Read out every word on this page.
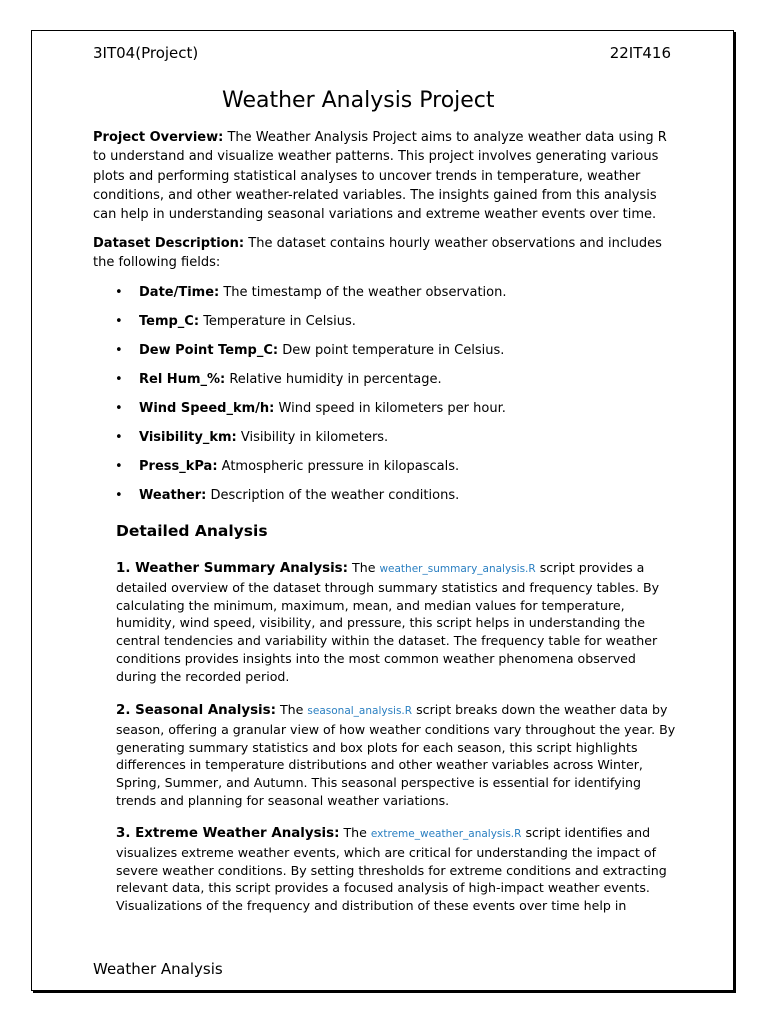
3IT04(Project)	22IT416
Weather Analysis Project

Project Overview: The Weather Analysis Project aims to analyze weather data using R to understand and visualize weather patterns. This project involves generating various plots and performing statistical analyses to uncover trends in temperature, weather conditions, and other weather-related variables. The insights gained from this analysis can help in understanding seasonal variations and extreme weather events over time.

Dataset Description: The dataset contains hourly weather observations and includes the following fields:

• Date/Time: The timestamp of the weather observation.
• Temp_C: Temperature in Celsius.
• Dew Point Temp_C: Dew point temperature in Celsius.
• Rel Hum_%: Relative humidity in percentage.
• Wind Speed_km/h: Wind speed in kilometers per hour.
• Visibility_km: Visibility in kilometers.
• Press_kPa: Atmospheric pressure in kilopascals.
• Weather: Description of the weather conditions.
Detailed Analysis

1. Weather Summary Analysis: The weather_summary_analysis.R script provides a detailed overview of the dataset through summary statistics and frequency tables. By calculating the minimum, maximum, mean, and median values for temperature, humidity, wind speed, visibility, and pressure, this script helps in understanding the central tendencies and variability within the dataset. The frequency table for weather conditions provides insights into the most common weather phenomena observed during the recorded period.

2. Seasonal Analysis: The seasonal_analysis.R script breaks down the weather data by season, offering a granular view of how weather conditions vary throughout the year. By generating summary statistics and box plots for each season, this script highlights differences in temperature distributions and other weather variables across Winter, Spring, Summer, and Autumn. This seasonal perspective is essential for identifying trends and planning for seasonal weather variations.

3. Extreme Weather Analysis: The extreme_weather_analysis.R script identifies and visualizes extreme weather events, which are critical for understanding the impact of severe weather conditions. By setting thresholds for extreme conditions and extracting relevant data, this script provides a focused analysis of high-impact weather events. Visualizations of the frequency and distribution of these events over time help in

Weather Analysis
